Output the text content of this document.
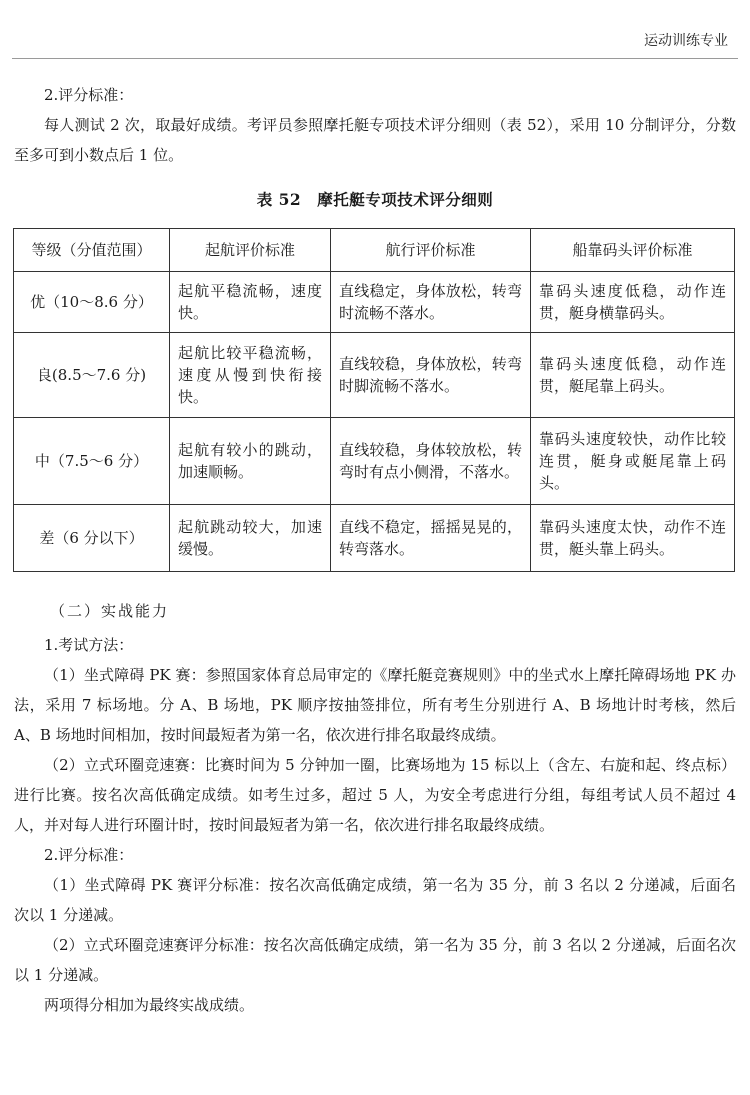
运动训练专业

2.评分标准：

每人测试 2 次，取最好成绩。考评员参照摩托艇专项技术评分细则（表 52），采用 10 分制评分，分数至多可到小数点后 1 位。

表 52 摩托艇专项技术评分细则
等级（分值范围）	起航评价标准	航行评价标准	船靠码头评价标准
优（10～8.6 分）	起航平稳流畅，速度快。	直线稳定，身体放松，转弯时流畅不落水。	靠码头速度低稳，动作连贯，艇身横靠码头。
良(8.5～7.6 分)	起航比较平稳流畅，速度从慢到快衔接快。	直线较稳，身体放松，转弯时脚流畅不落水。	靠码头速度低稳，动作连贯，艇尾靠上码头。
中（7.5～6 分）	起航有较小的跳动，加速顺畅。	直线较稳，身体较放松，转弯时有点小侧滑，不落水。	靠码头速度较快，动作比较连贯，艇身或艇尾靠上码头。
差（6 分以下）	起航跳动较大，加速缓慢。	直线不稳定，摇摇晃晃的，转弯落水。	靠码头速度太快，动作不连贯，艇头靠上码头。
（二）实战能力

1.考试方法：

（1）坐式障碍 PK 赛：参照国家体育总局审定的《摩托艇竞赛规则》中的坐式水上摩托障碍场地 PK 办法，采用 7 标场地。分 A、B 场地，PK 顺序按抽签排位，所有考生分别进行 A、B 场地计时考核，然后 A、B 场地时间相加，按时间最短者为第一名，依次进行排名取最终成绩。

（2）立式环圈竞速赛：比赛时间为 5 分钟加一圈，比赛场地为 15 标以上（含左、右旋和起、终点标）进行比赛。按名次高低确定成绩。如考生过多，超过 5 人，为安全考虑进行分组，每组考试人员不超过 4 人，并对每人进行环圈计时，按时间最短者为第一名，依次进行排名取最终成绩。

2.评分标准：

（1）坐式障碍 PK 赛评分标准：按名次高低确定成绩，第一名为 35 分，前 3 名以 2 分递减，后面名次以 1 分递减。

（2）立式环圈竞速赛评分标准：按名次高低确定成绩，第一名为 35 分，前 3 名以 2 分递减，后面名次以 1 分递减。

两项得分相加为最终实战成绩。
